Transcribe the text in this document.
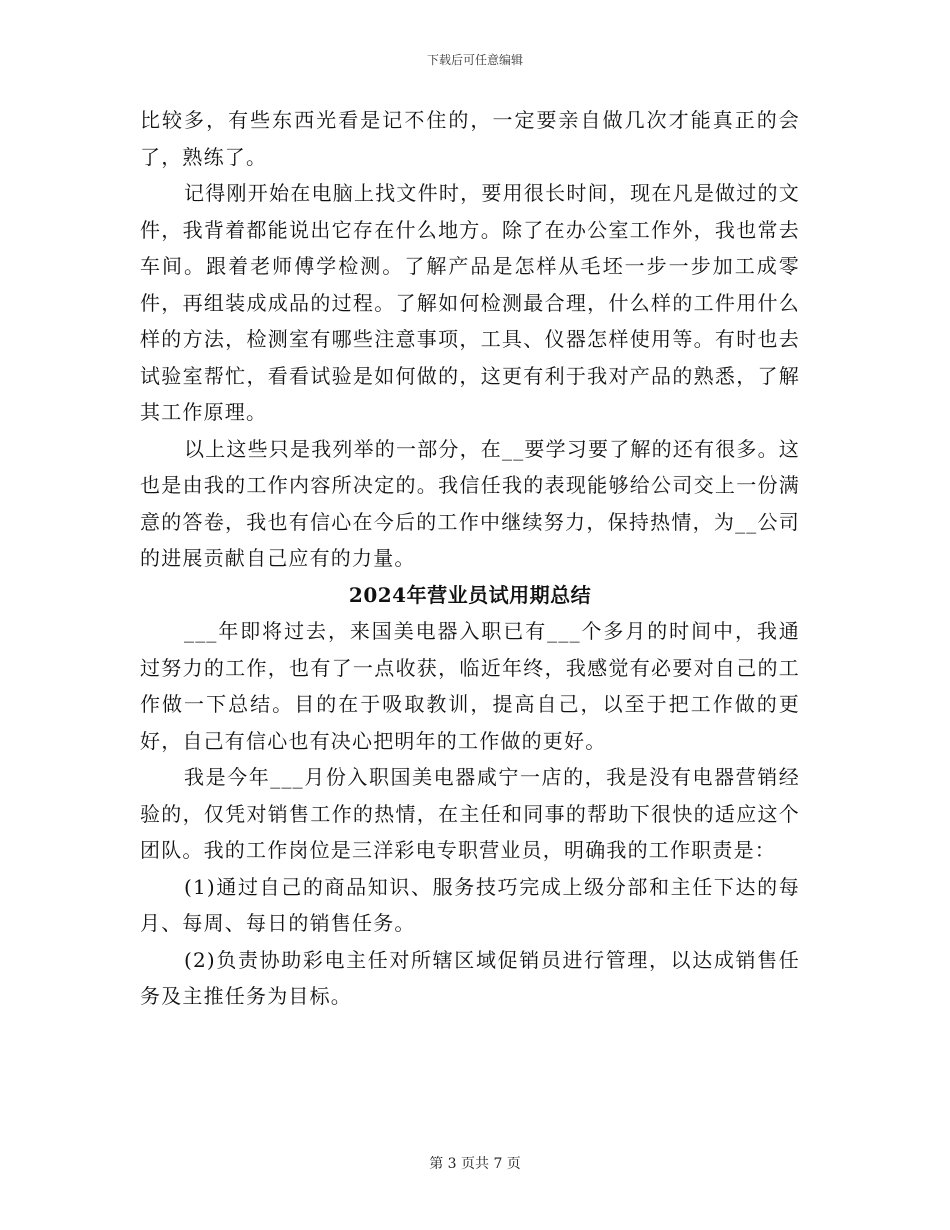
下载后可任意编辑

比较多，有些东西光看是记不住的，一定要亲自做几次才能真正的会了，熟练了。

记得刚开始在电脑上找文件时，要用很长时间，现在凡是做过的文件，我背着都能说出它存在什么地方。除了在办公室工作外，我也常去车间。跟着老师傅学检测。了解产品是怎样从毛坯一步一步加工成零件，再组装成成品的过程。了解如何检测最合理，什么样的工件用什么样的方法，检测室有哪些注意事项，工具、仪器怎样使用等。有时也去试验室帮忙，看看试验是如何做的，这更有利于我对产品的熟悉，了解其工作原理。

以上这些只是我列举的一部分，在__要学习要了解的还有很多。这也是由我的工作内容所决定的。我信任我的表现能够给公司交上一份满意的答卷，我也有信心在今后的工作中继续努力，保持热情，为__公司的进展贡献自己应有的力量。

2024年营业员试用期总结

___年即将过去，来国美电器入职已有___个多月的时间中，我通过努力的工作，也有了一点收获，临近年终，我感觉有必要对自己的工作做一下总结。目的在于吸取教训，提高自己，以至于把工作做的更好，自己有信心也有决心把明年的工作做的更好。

我是今年___月份入职国美电器咸宁一店的，我是没有电器营销经验的，仅凭对销售工作的热情，在主任和同事的帮助下很快的适应这个团队。我的工作岗位是三洋彩电专职营业员，明确我的工作职责是：

(1)通过自己的商品知识、服务技巧完成上级分部和主任下达的每月、每周、每日的销售任务。

(2)负责协助彩电主任对所辖区域促销员进行管理，以达成销售任务及主推任务为目标。

第 3 页共 7 页
